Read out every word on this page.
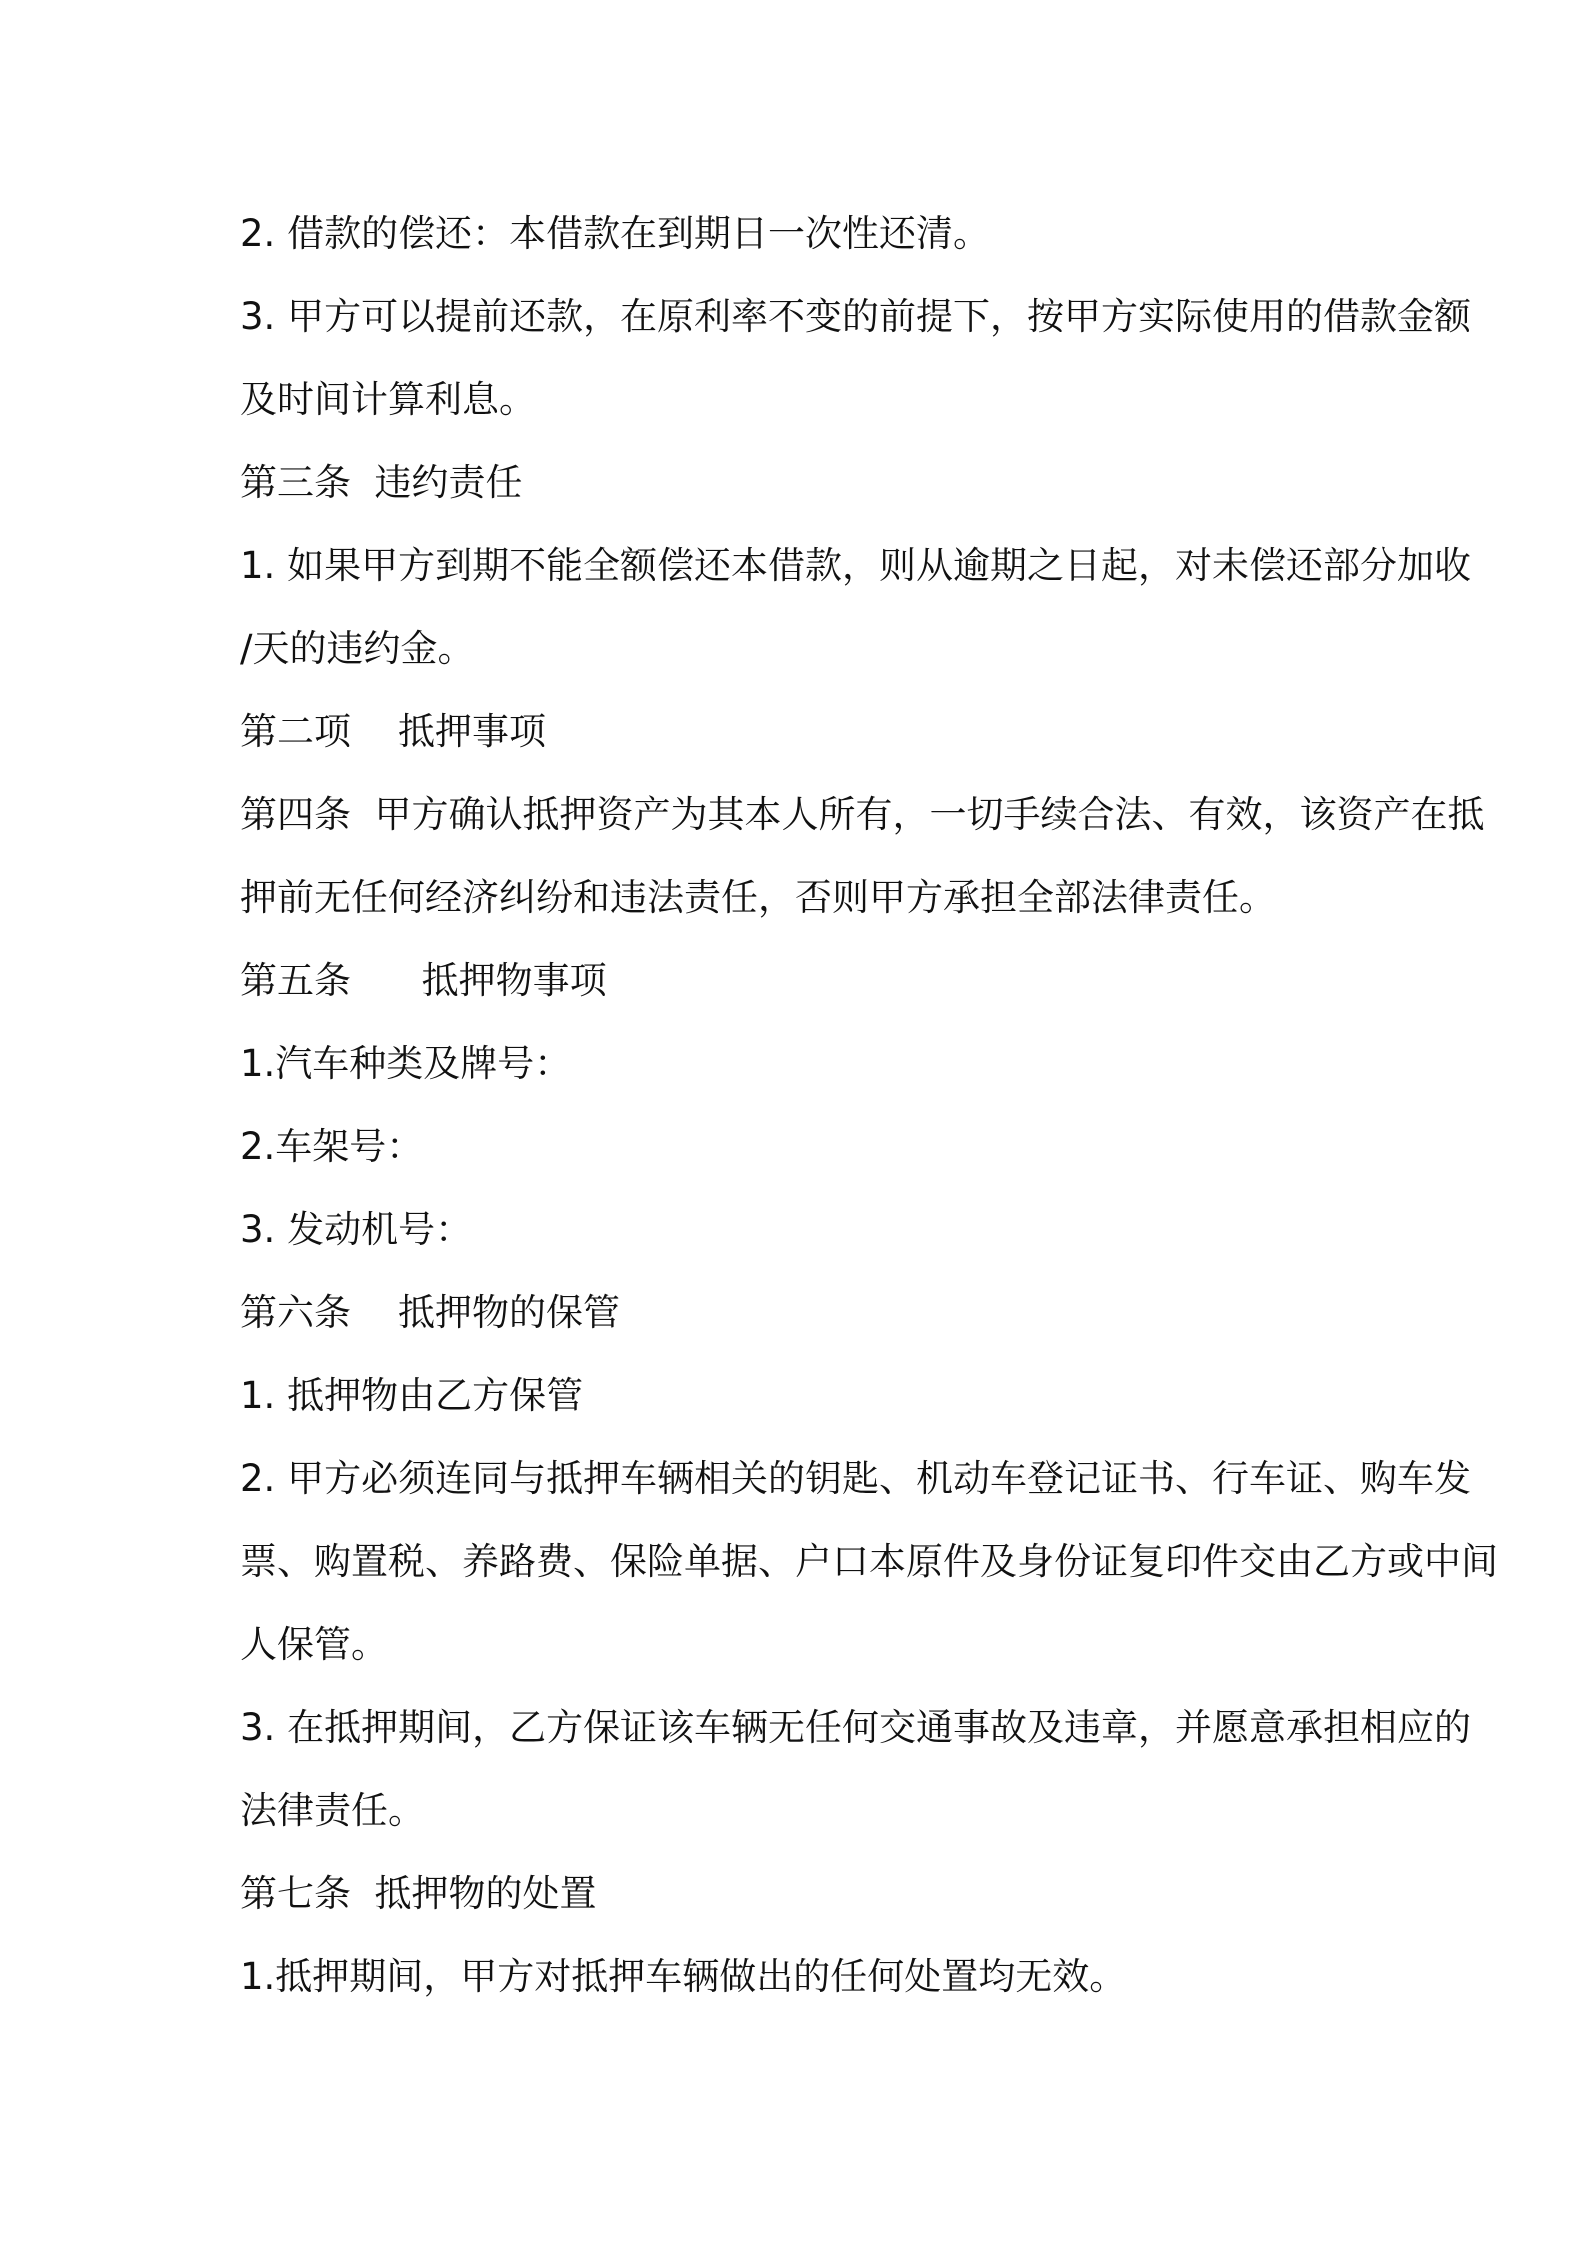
2. 借款的偿还：本借款在到期日一次性还清。
3. 甲方可以提前还款，在原利率不变的前提下，按甲方实际使用的借款金额
及时间计算利息。
第三条  违约责任
1. 如果甲方到期不能全额偿还本借款，则从逾期之日起，对未偿还部分加收
/天的违约金。
第二项    抵押事项
第四条  甲方确认抵押资产为其本人所有，一切手续合法、有效，该资产在抵
押前无任何经济纠纷和违法责任，否则甲方承担全部法律责任。
第五条      抵押物事项
1.汽车种类及牌号：
2.车架号：
3. 发动机号：
第六条    抵押物的保管
1. 抵押物由乙方保管
2. 甲方必须连同与抵押车辆相关的钥匙、机动车登记证书、行车证、购车发
票、购置税、养路费、保险单据、户口本原件及身份证复印件交由乙方或中间
人保管。
3. 在抵押期间，乙方保证该车辆无任何交通事故及违章，并愿意承担相应的
法律责任。
第七条  抵押物的处置
1.抵押期间，甲方对抵押车辆做出的任何处置均无效。
